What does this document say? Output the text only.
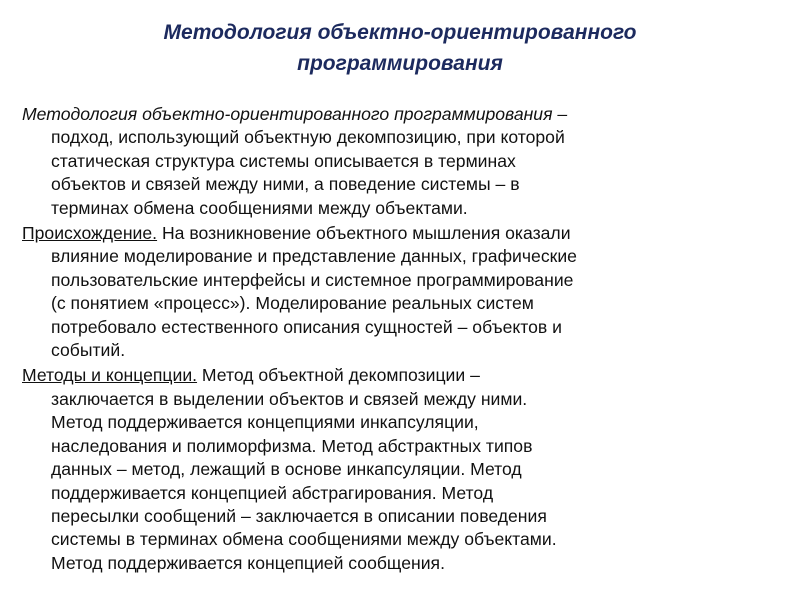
Методология объектно-ориентированного
программирования
Методология объектно-ориентированного программирования –
подход, использующий объектную декомпозицию, при которой
статическая структура системы описывается в терминах
объектов и связей между ними, а поведение системы – в
терминах обмена сообщениями между объектами.
Происхождение. На возникновение объектного мышления оказали
влияние моделирование и представление данных, графические
пользовательские интерфейсы и системное программирование
(с понятием «процесс»). Моделирование реальных систем
потребовало естественного описания сущностей – объектов и
событий.
Методы и концепции. Метод объектной декомпозиции –
заключается в выделении объектов и связей между ними.
Метод поддерживается концепциями инкапсуляции,
наследования и полиморфизма. Метод абстрактных типов
данных – метод, лежащий в основе инкапсуляции. Метод
поддерживается концепцией абстрагирования. Метод
пересылки сообщений – заключается в описании поведения
системы в терминах обмена сообщениями между объектами.
Метод поддерживается концепцией сообщения.
